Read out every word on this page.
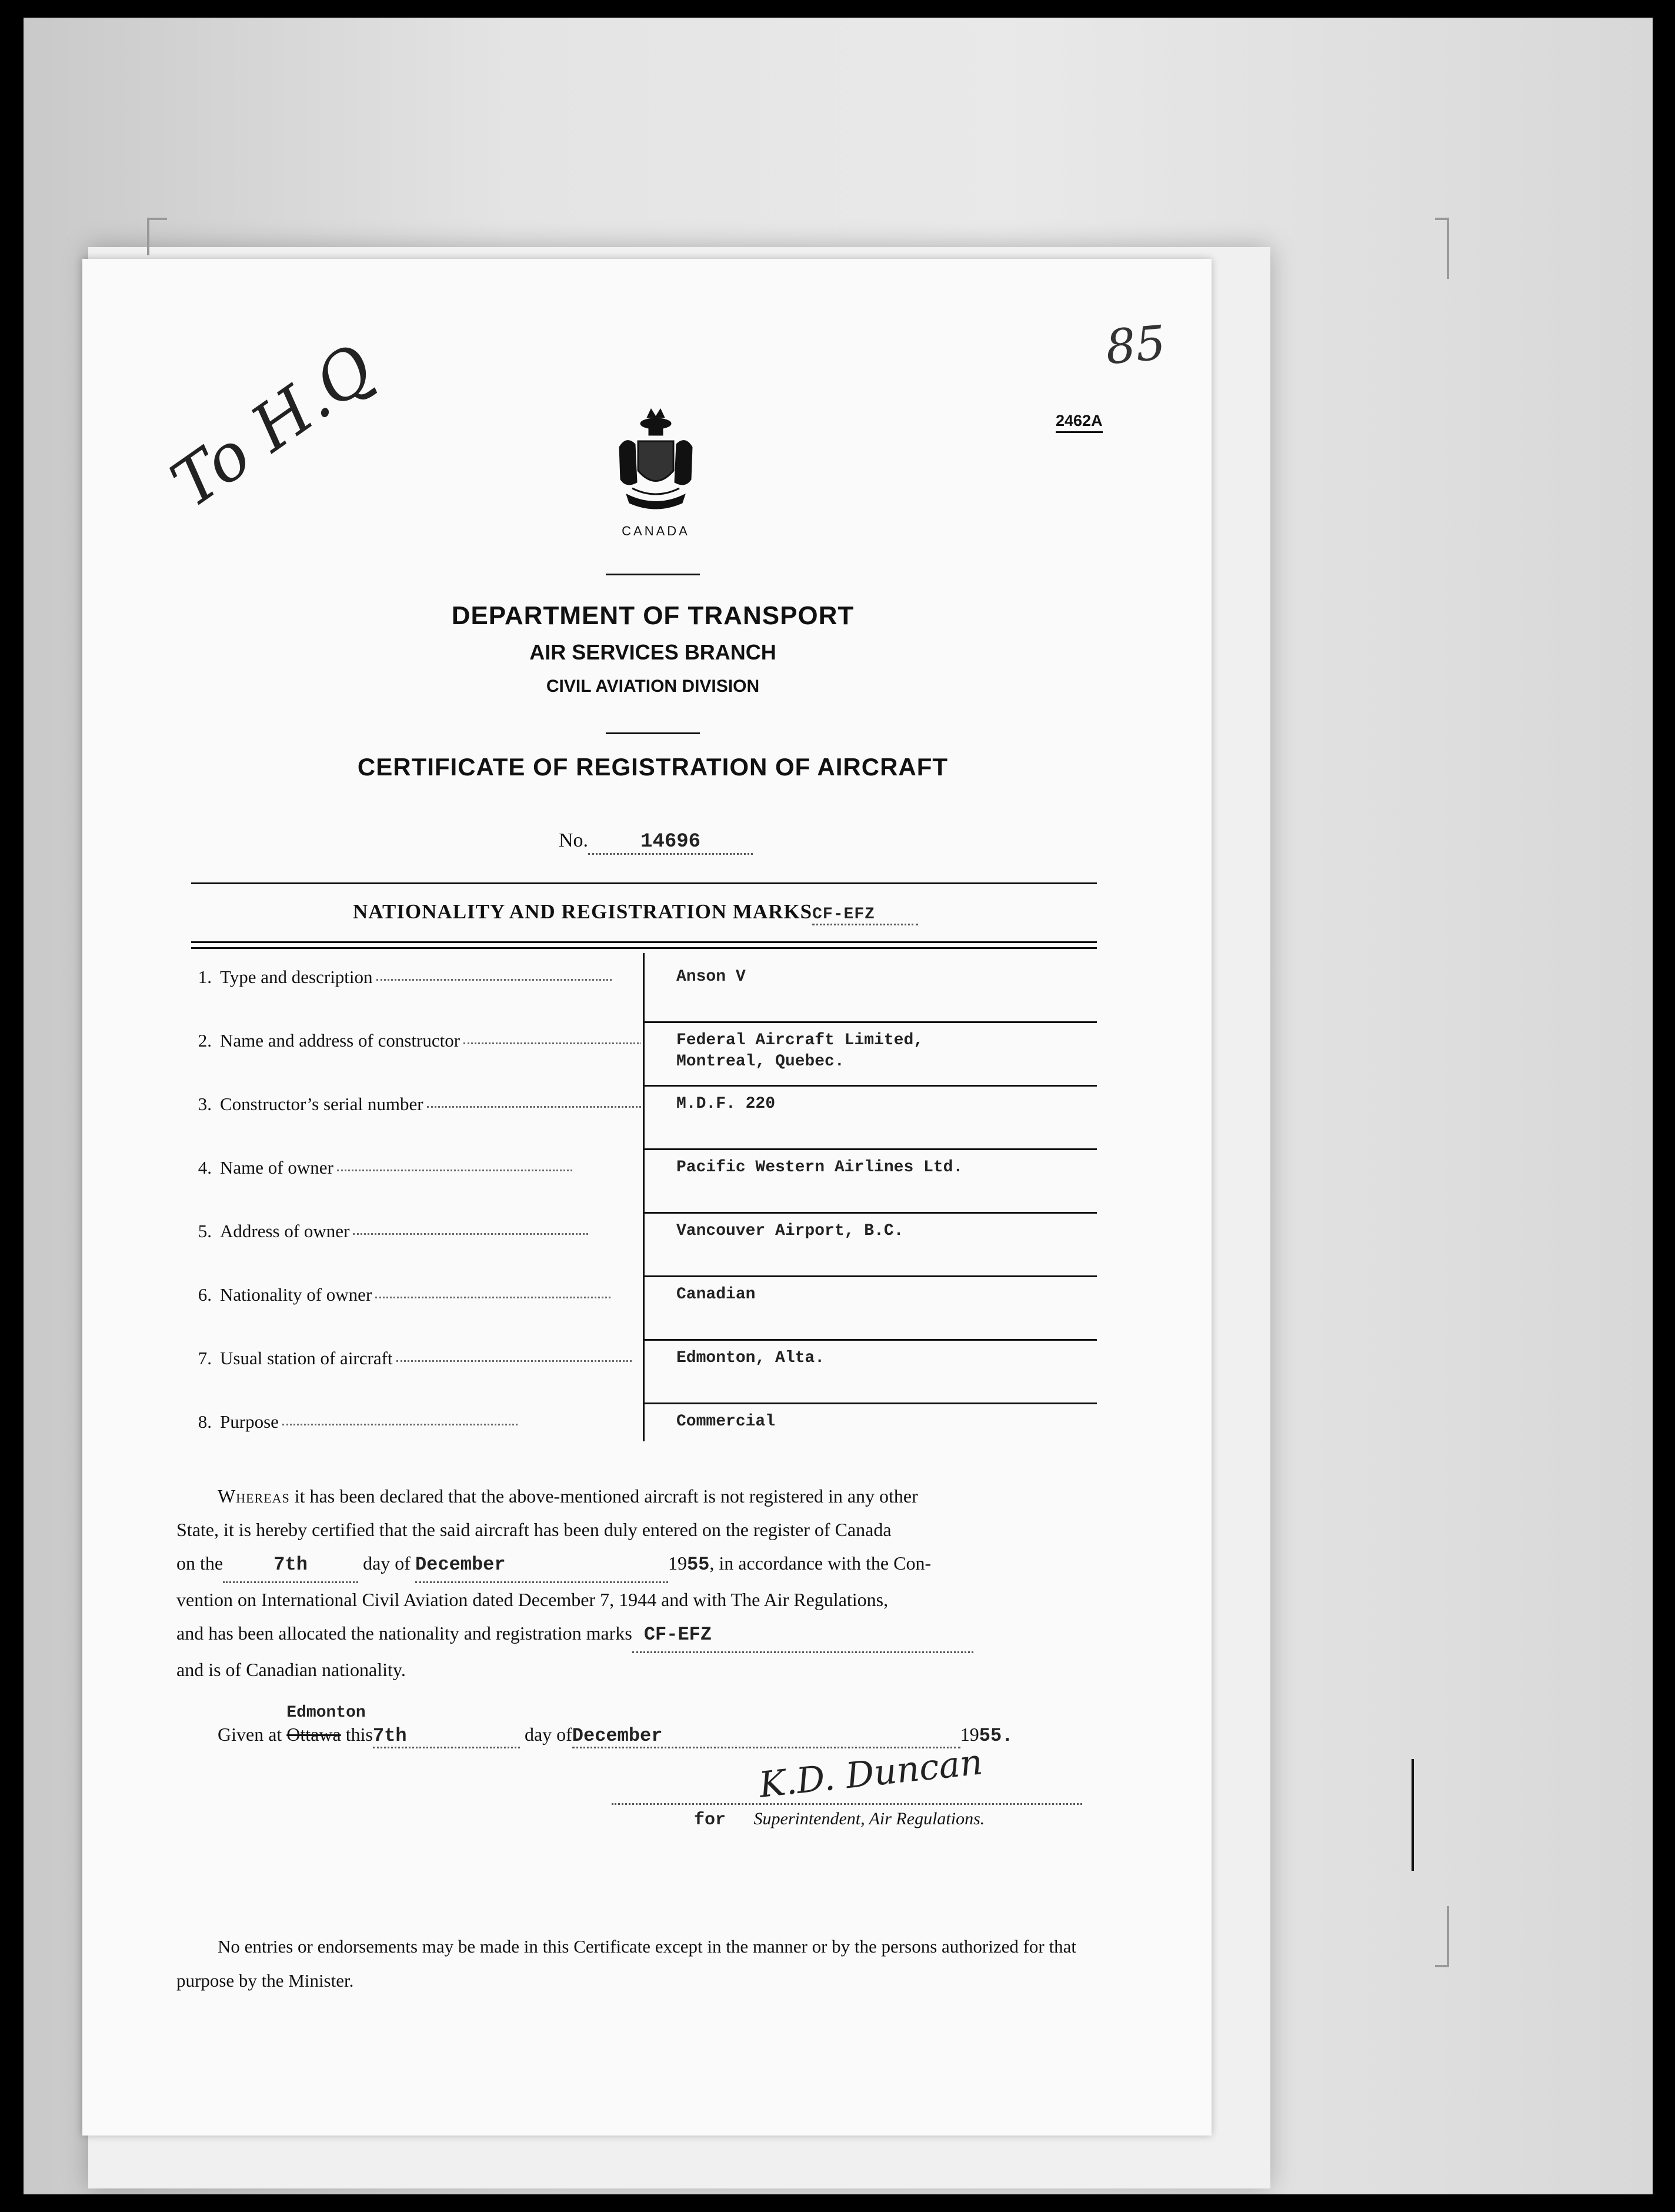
To H.Q	85
2462A
CANADA
DEPARTMENT OF TRANSPORT
AIR SERVICES BRANCH
CIVIL AVIATION DIVISION
CERTIFICATE OF REGISTRATION OF AIRCRAFT
No.	14696
NATIONALITY AND REGISTRATION MARKSCF-EFZ
1. Type and description	Anson V
2. Name and address of constructor	Federal Aircraft Limited,
Montreal, Quebec.
3. Constructor’s serial number	M.D.F. 220
4. Name of owner	Pacific Western Airlines Ltd.
5. Address of owner	Vancouver Airport, B.C.
6. Nationality of owner	Canadian
7. Usual station of aircraft	Edmonton, Alta.
8. Purpose	Commercial
Whereas it has been declared that the above-mentioned aircraft is not registered in any other
State, it is hereby certified that the said aircraft has been duly entered on the register of Canada
on the	7th	day of December	1955, in accordance with the Con-
vention on International Civil Aviation dated December 7, 1944 and with The Air Regulations,
and has been allocated the nationality and registration marks CF-EFZ
and is of Canadian nationality.
Given at
Edmonton
Ottawa this7th	day ofDecember	1955.
K.D. Duncan
for Superintendent, Air Regulations.
No entries or endorsements may be made in this Certificate except in the manner or by the persons authorized for that purpose by the Minister.
